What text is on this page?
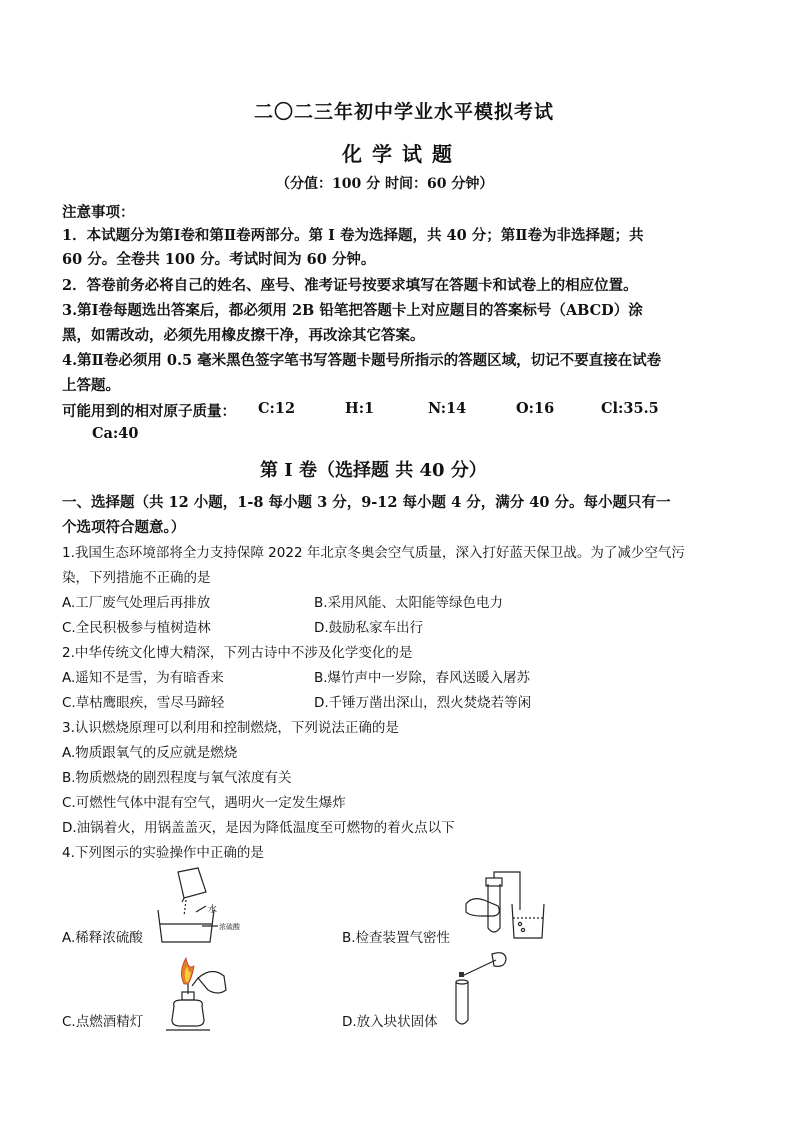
二〇二三年初中学业水平模拟考试
化学试题
（分值：100 分 时间：60 分钟）
注意事项：
1．本试题分为第Ⅰ卷和第Ⅱ卷两部分。第 Ⅰ 卷为选择题，共 40 分；第Ⅱ卷为非选择题；共
60 分。全卷共 100 分。考试时间为 60 分钟。
2．答卷前务必将自己的姓名、座号、准考证号按要求填写在答题卡和试卷上的相应位置。
3.第Ⅰ卷每题选出答案后，都必须用 2B 铅笔把答题卡上对应题目的答案标号（ABCD）涂
黑，如需改动，必须先用橡皮擦干净，再改涂其它答案。
4.第Ⅱ卷必须用 0.5 毫米黑色签字笔书写答题卡题号所指示的答题区域，切记不要直接在试卷
上答题。
可能用到的相对原子质量： C:12	H:1	N:14	O:16	Cl:35.5
Ca:40
第 Ⅰ 卷（选择题 共 40 分）
一、选择题（共 12 小题，1-8 每小题 3 分，9-12 每小题 4 分，满分 40 分。每小题只有一
个选项符合题意。）
1.我国生态环境部将全力支持保障 2022 年北京冬奥会空气质量，深入打好蓝天保卫战。为了减少空气污
染，下列措施不正确的是
A.工厂废气处理后再排放	B.采用风能、太阳能等绿色电力
C.全民积极参与植树造林	D.鼓励私家车出行
2.中华传统文化博大精深，下列古诗中不涉及化学变化的是
A.遥知不是雪，为有暗香来	B.爆竹声中一岁除，春风送暖入屠苏
C.草枯鹰眼疾，雪尽马蹄轻	D.千锤万凿出深山，烈火焚烧若等闲
3.认识燃烧原理可以利用和控制燃烧，下列说法正确的是
A.物质跟氧气的反应就是燃烧
B.物质燃烧的剧烈程度与氧气浓度有关
C.可燃性气体中混有空气，遇明火一定发生爆炸
D.油锅着火，用锅盖盖灭，是因为降低温度至可燃物的着火点以下
4.下列图示的实验操作中正确的是
水
浓硫酸
A.稀释浓硫酸	B.检查装置气密性
C.点燃酒精灯	D.放入块状固体
